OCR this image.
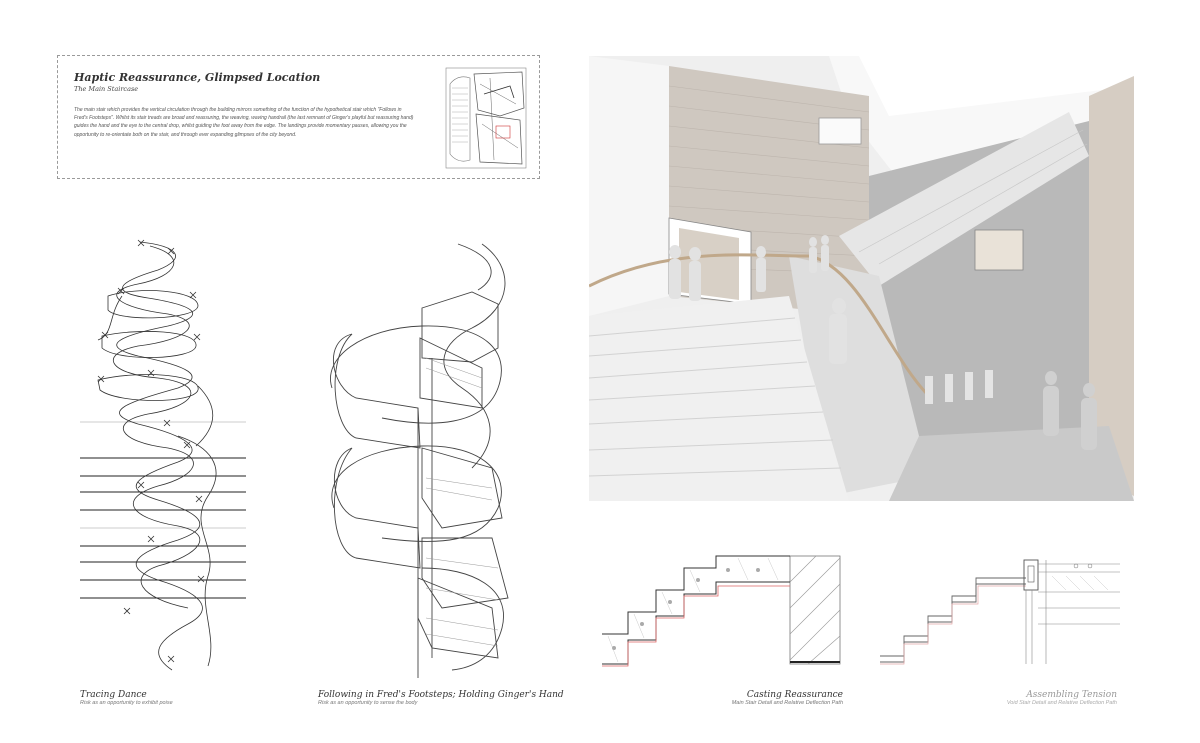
Haptic Reassurance, Glimpsed Location
The Main Staircase
The main stair which provides the vertical circulation through the building mirrors something of the function of the hypothetical stair which "Follows in Fred's Footsteps". Whilst its stair treads are broad and reassuring, the weaving, waving handrail (the last remnant of Ginger's playful but reassuring hand) guides the hand and the eye to the central drop, whilst guiding the foot away from the edge. The landings provide momentary pauses, allowing you the opportunity to re-orientate both on the stair, and through ever expanding glimpses of the city beyond.
Tracing Dance
Risk as an opportunity to exhibit poise
Following in Fred's Footsteps; Holding Ginger's Hand
Risk as an opportunity to sense the body
Casting Reassurance
Main Stair Detail and Relative Deflection Path
Assembling Tension
Void Stair Detail and Relative Deflection Path
